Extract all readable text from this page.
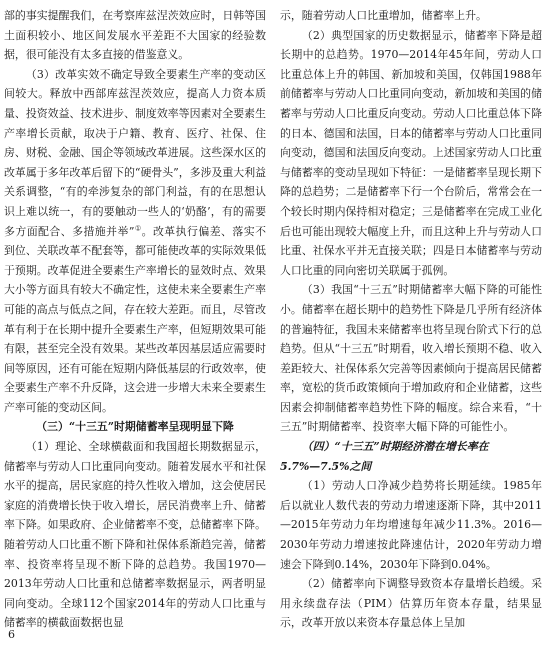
部的事实提醒我们，在考察库兹涅茨效应时，日韩等国土面积较小、地区间发展水平差距不大国家的经验数据，很可能没有太多直接的借鉴意义。

（3）改革实效不确定导致全要素生产率的变动区间较大。释放中西部库兹涅茨效应，提高人力资本质量、投资效益、技术进步、制度效率等因素对全要素生产率增长贡献，取决于户籍、教育、医疗、社保、住房、财税、金融、国企等领域改革进展。这些深水区的改革属于多年改革后留下的“硬骨头”，多涉及重大利益关系调整，“有的牵涉复杂的部门利益，有的在思想认识上难以统一，有的要触动一些人的‘奶酪’，有的需要多方面配合、多措施并举”①。改革执行偏差、落实不到位、关联改革不配套等，都可能使改革的实际效果低于预期。改革促进全要素生产率增长的显效时点、效果大小等方面具有较大不确定性，这使未来全要素生产率可能的高点与低点之间，存在较大差距。而且，尽管改革有利于在长期中提升全要素生产率，但短期效果可能有限，甚至完全没有效果。某些改革因基层适应需要时间等原因，还有可能在短期内降低基层的行政效率，使全要素生产率不升反降，这会进一步增大未来全要素生产率可能的变动区间。

（三）“十三五”时期储蓄率呈现明显下降

（1）理论、全球横截面和我国超长期数据显示，储蓄率与劳动人口比重同向变动。随着发展水平和社保水平的提高，居民家庭的持久性收入增加，这会使居民家庭的消费增长快于收入增长，居民消费率上升、储蓄率下降。如果政府、企业储蓄率不变，总储蓄率下降。随着劳动人口比重不断下降和社保体系渐趋完善，储蓄率、投资率将呈现不断下降的总趋势。我国1970—2013年劳动人口比重和总储蓄率数据显示，两者明显同向变动。全球112个国家2014年的劳动人口比重与储蓄率的横截面数据也显

示，随着劳动人口比重增加，储蓄率上升。

（2）典型国家的历史数据显示，储蓄率下降是超长期中的总趋势。1970—2014年45年间，劳动人口比重总体上升的韩国、新加坡和美国，仅韩国1988年前储蓄率与劳动人口比重同向变动，新加坡和美国的储蓄率与劳动人口比重反向变动。劳动人口比重总体下降的日本、德国和法国，日本的储蓄率与劳动人口比重同向变动，德国和法国反向变动。上述国家劳动人口比重与储蓄率的变动呈现如下特征：一是储蓄率呈现长期下降的总趋势；二是储蓄率下行一个台阶后，常常会在一个较长时期内保持相对稳定；三是储蓄率在完成工业化后也可能出现较大幅度上升，而且这种上升与劳动人口比重、社保水平并无直接关联；四是日本储蓄率与劳动人口比重的同向密切关联属于孤例。

（3）我国“十三五”时期储蓄率大幅下降的可能性小。储蓄率在超长期中的趋势性下降是几乎所有经济体的普遍特征，我国未来储蓄率也将呈现台阶式下行的总趋势。但从“十三五”时期看，收入增长预期不稳、收入差距较大、社保体系欠完善等因素倾向于提高居民储蓄率，宽松的货币政策倾向于增加政府和企业储蓄，这些因素会抑制储蓄率趋势性下降的幅度。综合来看，“十三五”时期储蓄率、投资率大幅下降的可能性小。

（四）“十三五”时期经济潜在增长率在
5.7%—7.5%之间

（1）劳动人口净减少趋势将长期延续。1985年后以就业人数代表的劳动力增速逐渐下降，其中2011—2015年劳动力年均增速每年减少11.3%。2016—2030年劳动力增速按此降速估计，2020年劳动力增速会下降到0.14%，2030年下降到0.04%。

（2）储蓄率向下调整导致资本存量增长趋缓。采用永续盘存法（PIM）估算历年资本存量，结果显示，改革开放以来资本存量总体上呈加

6
